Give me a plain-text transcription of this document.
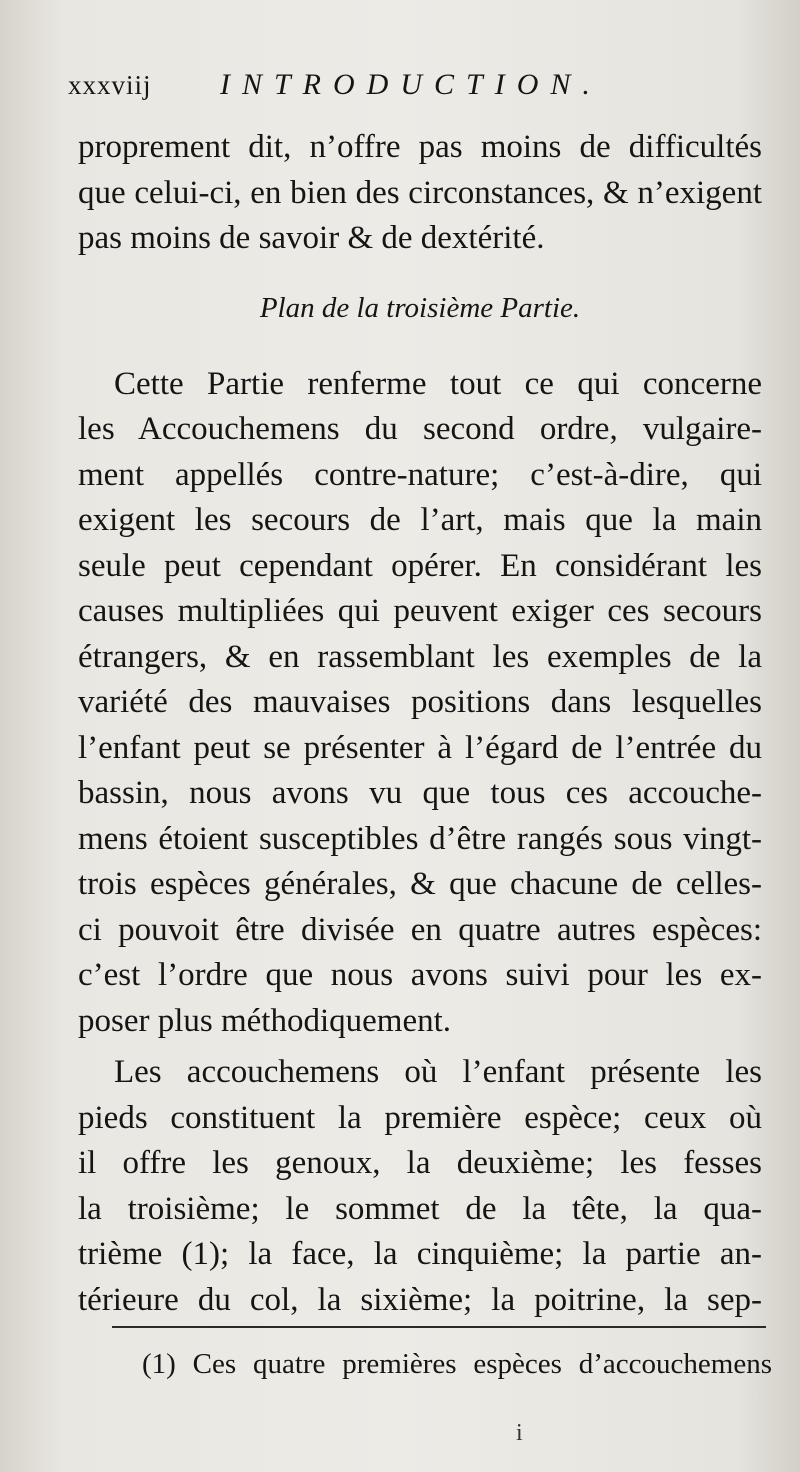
xxxviij INTRODUCTION.
proprement dit, n’offre pas moins de difficultés
que celui-ci, en bien des circonstances, & n’exigent
pas moins de savoir & de dextérité.
Plan de la troisième Partie.
Cette Partie renferme tout ce qui concerne
les Accouchemens du second ordre, vulgaire-
ment appellés contre-nature; c’est-à-dire, qui
exigent les secours de l’art, mais que la main
seule peut cependant opérer. En considérant les
causes multipliées qui peuvent exiger ces secours
étrangers, & en rassemblant les exemples de la
variété des mauvaises positions dans lesquelles
l’enfant peut se présenter à l’égard de l’entrée du
bassin, nous avons vu que tous ces accouche-
mens étoient susceptibles d’être rangés sous vingt-
trois espèces générales, & que chacune de celles-
ci pouvoit être divisée en quatre autres espèces:
c’est l’ordre que nous avons suivi pour les ex-
poser plus méthodiquement.
Les accouchemens où l’enfant présente les
pieds constituent la première espèce; ceux où
il offre les genoux, la deuxième; les fesses
la troisième; le sommet de la tête, la qua-
trième (1); la face, la cinquième; la partie an-
térieure du col, la sixième; la poitrine, la sep-
(1) Ces quatre premières espèces d’accouchemens
i
